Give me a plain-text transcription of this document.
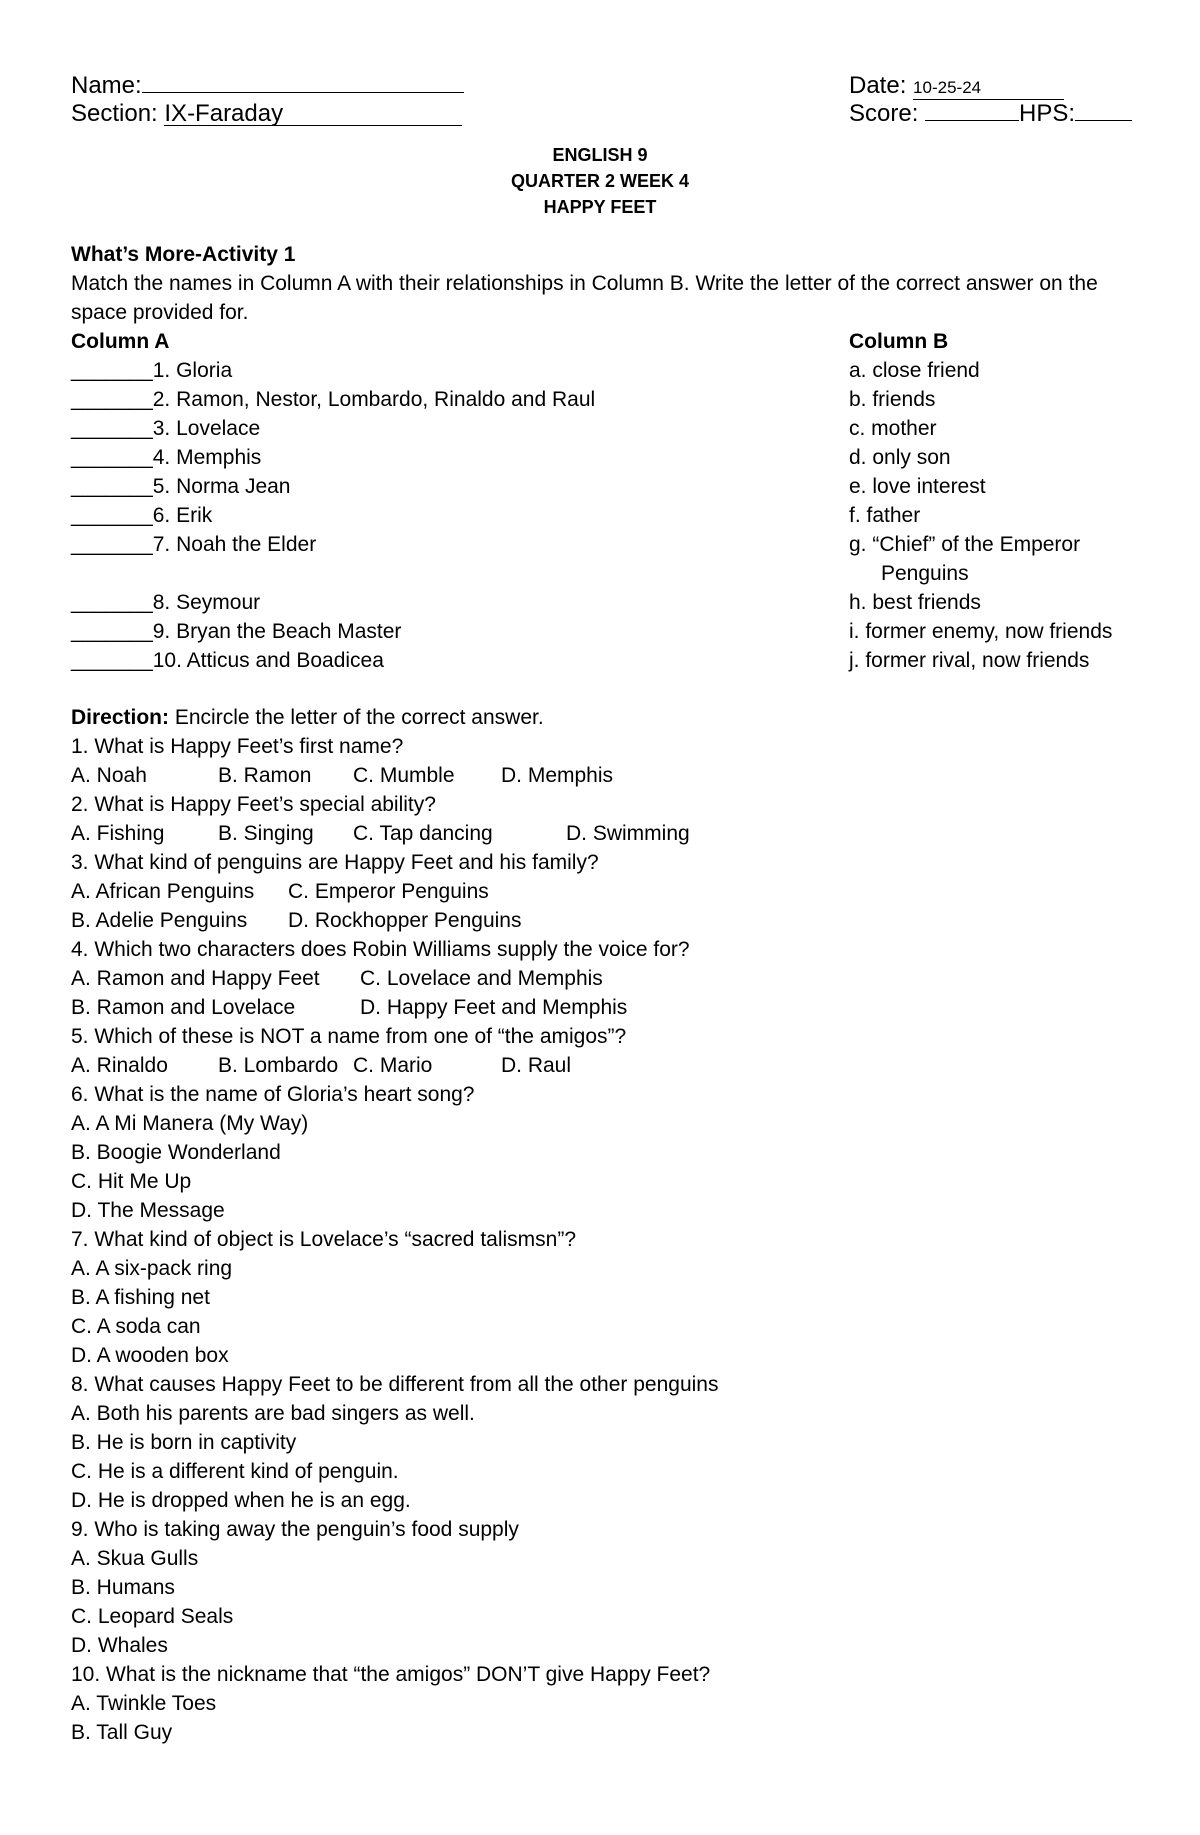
Name:	Date: 10-25-24
Section: IX-Faraday	Score:	HPS:
ENGLISH 9
QUARTER 2 WEEK 4
HAPPY FEET
What’s More-Activity 1
Match the names in Column A with their relationships in Column B. Write the letter of the correct answer on the space provided for.
Column A	Column B
_______1. Gloria	a. close friend
_______2. Ramon, Nestor, Lombardo, Rinaldo and Raul	b. friends
_______3. Lovelace	c. mother
_______4. Memphis	d. only son
_______5. Norma Jean	e. love interest
_______6. Erik	f. father
_______7. Noah the Elder	g. “Chief” of the Emperor
Penguins
_______8. Seymour	h. best friends
_______9. Bryan the Beach Master	i. former enemy, now friends
_______10. Atticus and Boadicea	j. former rival, now friends
Direction: Encircle the letter of the correct answer.
1. What is Happy Feet’s first name?
A. Noah	B. Ramon C. Mumble D. Memphis
2. What is Happy Feet’s special ability?
A. Fishing	B. Singing C. Tap dancing	D. Swimming
3. What kind of penguins are Happy Feet and his family?
A. African Penguins C. Emperor Penguins
B. Adelie Penguins D. Rockhopper Penguins
4. Which two characters does Robin Williams supply the voice for?
A. Ramon and Happy Feet C. Lovelace and Memphis
B. Ramon and Lovelace	D. Happy Feet and Memphis
5. Which of these is NOT a name from one of “the amigos”?
A. Rinaldo B. Lombardo C. Mario	D. Raul
6. What is the name of Gloria’s heart song?
A. A Mi Manera (My Way)
B. Boogie Wonderland
C. Hit Me Up
D. The Message
7. What kind of object is Lovelace’s “sacred talismsn”?
A. A six-pack ring
B. A fishing net
C. A soda can
D. A wooden box
8. What causes Happy Feet to be different from all the other penguins
A. Both his parents are bad singers as well.
B. He is born in captivity
C. He is a different kind of penguin.
D. He is dropped when he is an egg.
9. Who is taking away the penguin’s food supply
A. Skua Gulls
B. Humans
C. Leopard Seals
D. Whales
10. What is the nickname that “the amigos” DON’T give Happy Feet?
A. Twinkle Toes
B. Tall Guy
